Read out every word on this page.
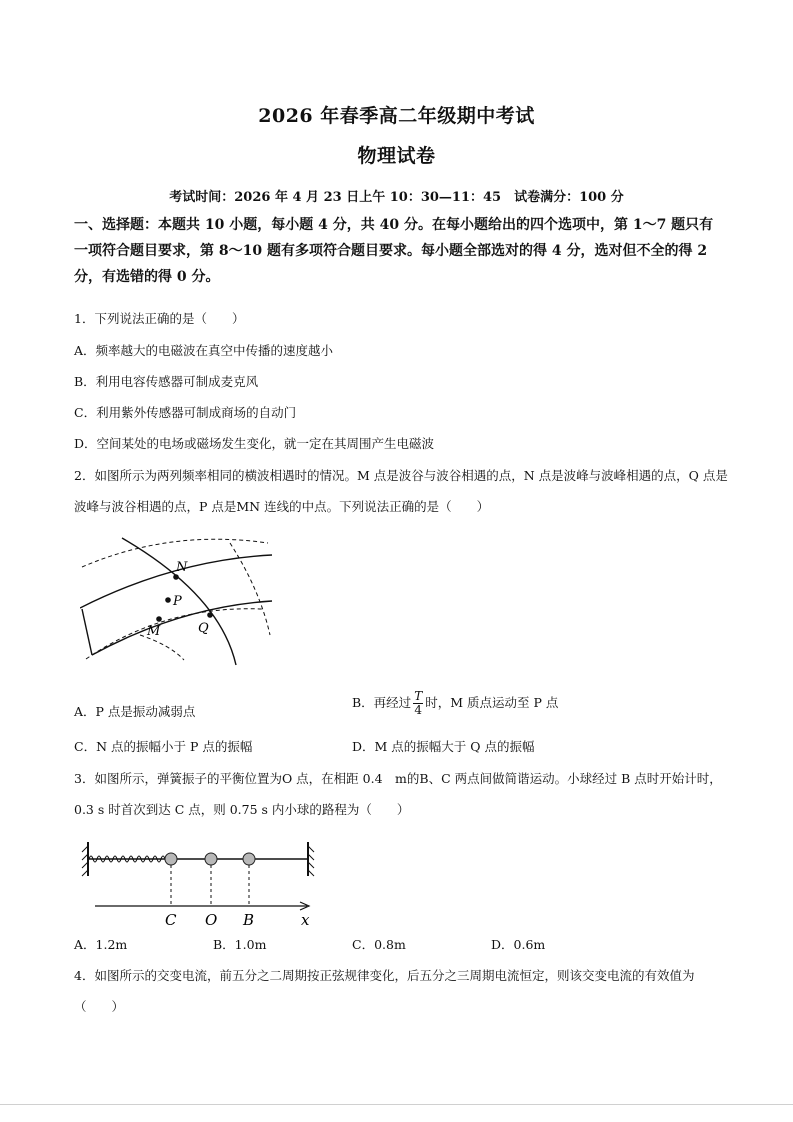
2026 年春季高二年级期中考试
物理试卷
考试时间：2026 年 4 月 23 日上午 10：30—11：45　试卷满分：100 分
一、选择题：本题共 10 小题，每小题 4 分，共 40 分。在每小题给出的四个选项中，第 1～7 题只有一项符合题目要求，第 8～10 题有多项符合题目要求。每小题全部选对的得 4 分，选对但不全的得 2 分，有选错的得 0 分。
1．下列说法正确的是（　　）
A．频率越大的电磁波在真空中传播的速度越小
B．利用电容传感器可制成麦克风
C．利用紫外传感器可制成商场的自动门
D．空间某处的电场或磁场发生变化，就一定在其周围产生电磁波
2．如图所示为两列频率相同的横波相遇时的情况。M 点是波谷与波谷相遇的点，N 点是波峰与波峰相遇的点，Q 点是波峰与波谷相遇的点，P 点是MN 连线的中点。下列说法正确的是（　　）
N
P
M	Q
A．P 点是振动减弱点
B．再经过 $\frac{T}{4}$ 时，M 质点运动至 P 点
C．N 点的振幅小于 P 点的振幅	D．M 点的振幅大于 Q 点的振幅
3．如图所示，弹簧振子的平衡位置为O 点，在相距 0.4　m的B、C 两点间做简谐运动。小球经过 B 点时开始计时，0.3 s 时首次到达 C 点，则 0.75 s 内小球的路程为（　　）
C O B	x
A．1.2m	B．1.0m	C．0.8m	D．0.6m
4．如图所示的交变电流，前五分之二周期按正弦规律变化，后五分之三周期电流恒定，则该交变电流的有效值为（　　）
